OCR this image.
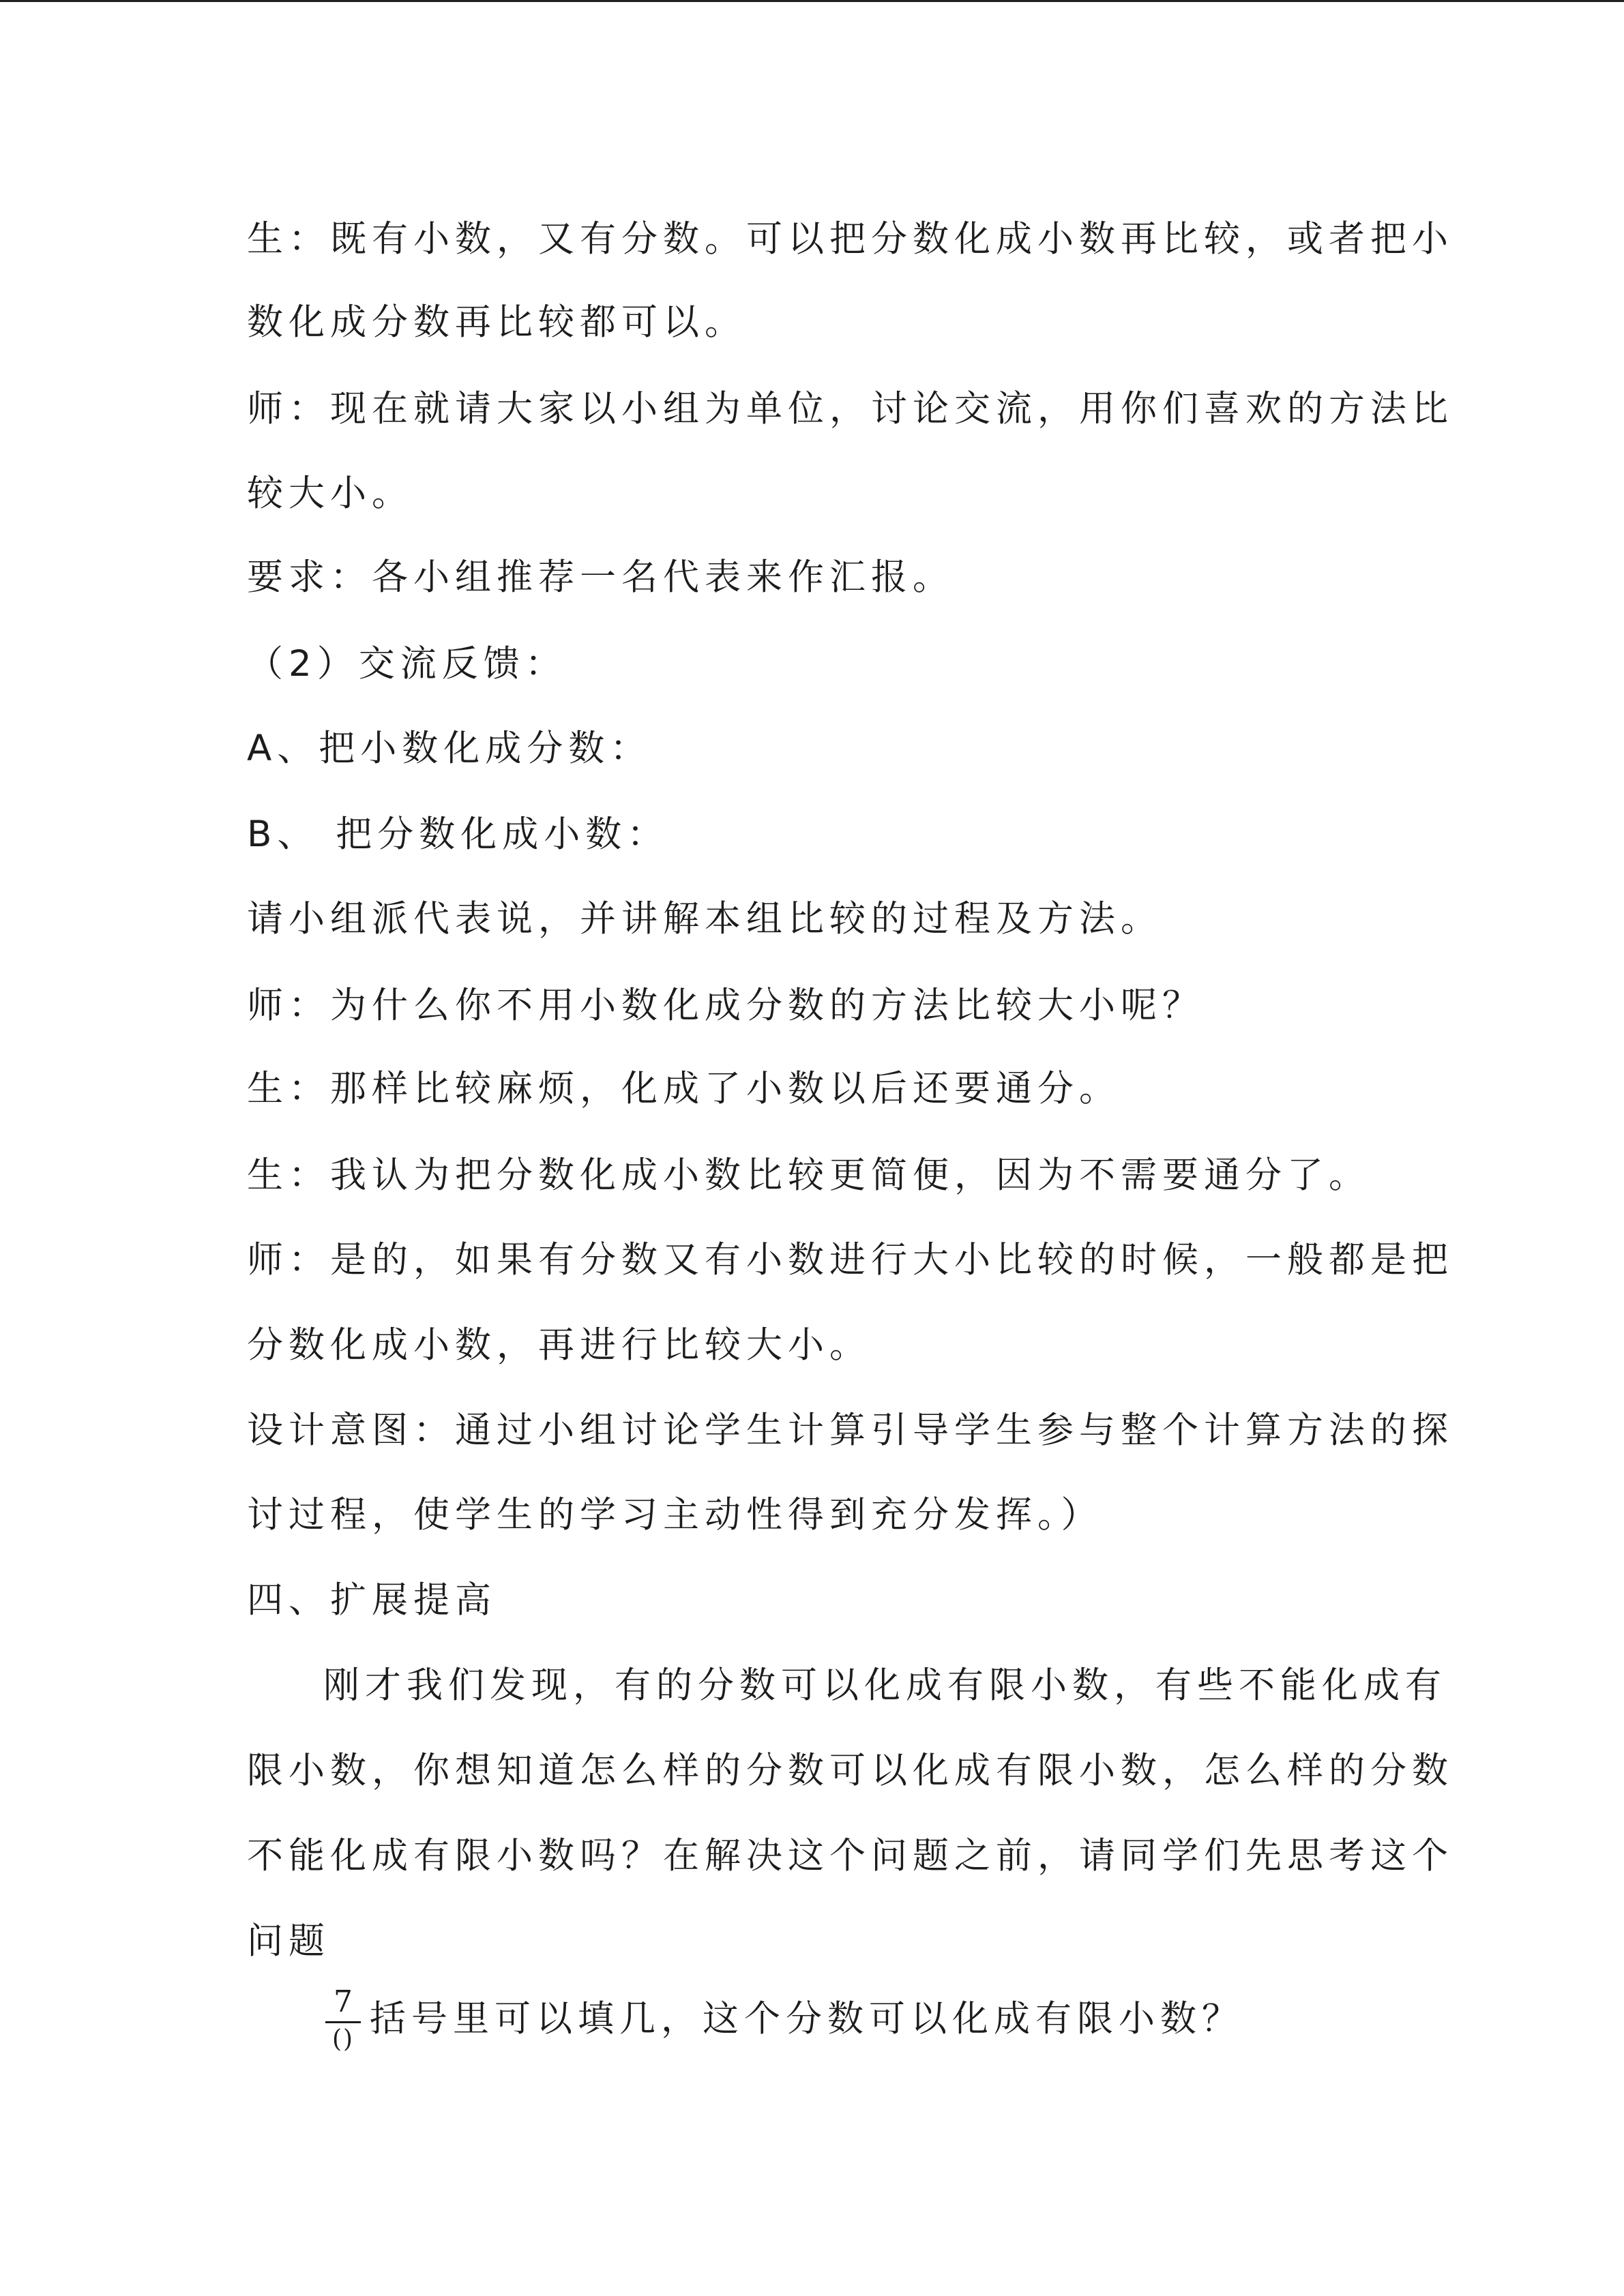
生：既有小数，又有分数。可以把分数化成小数再比较，或者把小
数化成分数再比较都可以。
师：现在就请大家以小组为单位，讨论交流，用你们喜欢的方法比
较大小。
要求：各小组推荐一名代表来作汇报。
（2）交流反馈：
A、把小数化成分数：
B、 把分数化成小数：
请小组派代表说，并讲解本组比较的过程及方法。
师：为什么你不用小数化成分数的方法比较大小呢？
生：那样比较麻烦，化成了小数以后还要通分。
生：我认为把分数化成小数比较更简便，因为不需要通分了。
师：是的，如果有分数又有小数进行大小比较的时候，一般都是把
分数化成小数，再进行比较大小。
设计意图：通过小组讨论学生计算引导学生参与整个计算方法的探
讨过程，使学生的学习主动性得到充分发挥。）
四、扩展提高
刚才我们发现，有的分数可以化成有限小数，有些不能化成有
限小数，你想知道怎么样的分数可以化成有限小数，怎么样的分数
不能化成有限小数吗？在解决这个问题之前，请同学们先思考这个
问题
$\frac{7}{()}$ 括号里可以填几，这个分数可以化成有限小数？
